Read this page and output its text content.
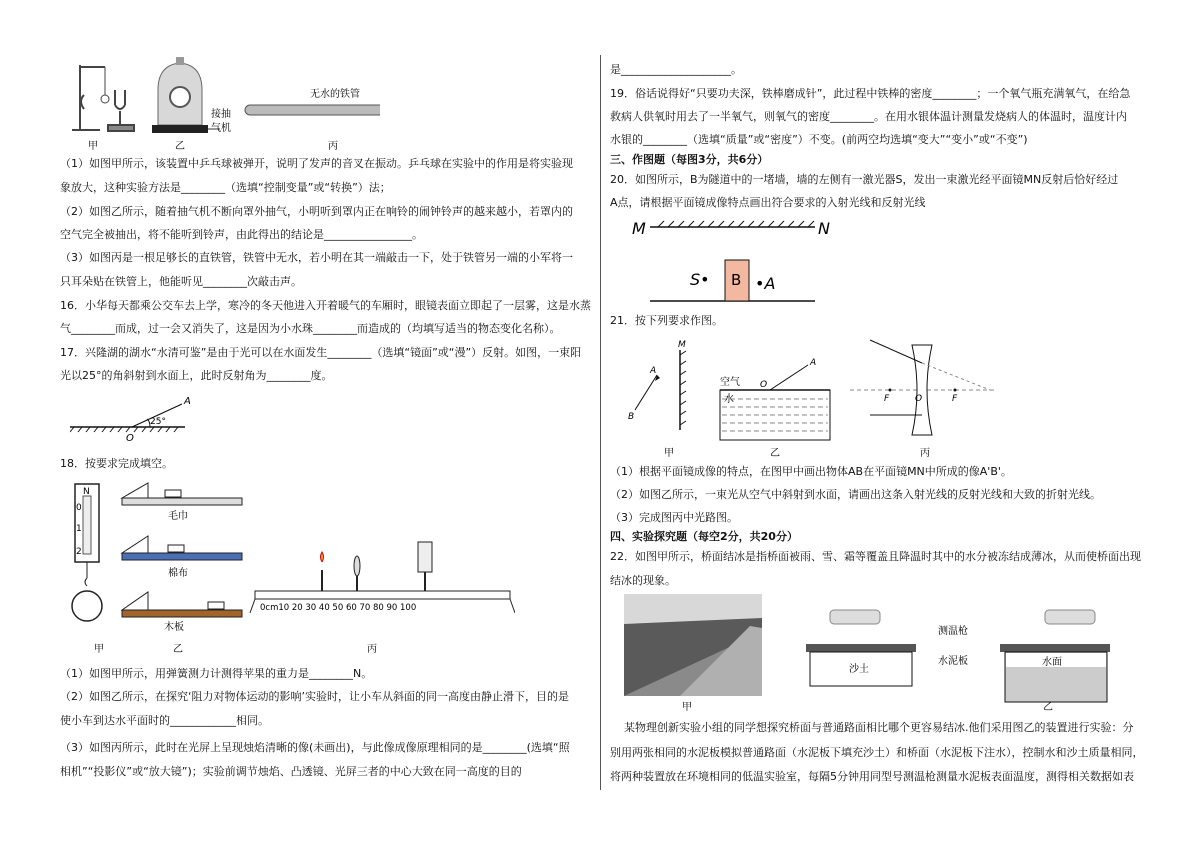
接抽
气机
无水的铁管
甲	乙	丙
（1）如图甲所示，该装置中乒乓球被弹开，说明了发声的音叉在振动。乒乓球在实验中的作用是将实验现
象放大，这种实验方法是________（选填“控制变量”或“转换”）法；
（2）如图乙所示，随着抽气机不断向罩外抽气，小明听到罩内正在响铃的闹钟铃声的越来越小，若罩内的
空气完全被抽出，将不能听到铃声，由此得出的结论是________________。
（3）如图丙是一根足够长的直铁管，铁管中无水，若小明在其一端敲击一下，处于铁管另一端的小军将一
只耳朵贴在铁管上，他能听见________次敲击声。
16．小华每天都乘公交车去上学，寒冷的冬天他进入开着暖气的车厢时，眼镜表面立即起了一层雾，这是水蒸
气________而成，过一会又消失了，这是因为小水珠________而造成的（均填写适当的物态变化名称）。
17．兴隆湖的湖水“水清可鉴”是由于光可以在水面发生________（选填“镜面”或“漫”）反射。如图，一束阳
光以25°的角斜射到水面上，此时反射角为________度。
A
O
25°
18．按要求完成填空。
N
0
1
2
毛巾
棉布
木板
0cm10 20 30 40 50 60 70 80 90 100
甲	乙	丙
（1）如图甲所示，用弹簧测力计测得苹果的重力是________N。
（2）如图乙所示，在探究‘阻力对物体运动的影响’实验时，让小车从斜面的同一高度由静止滑下，目的是
使小车到达水平面时的____________相同。
（3）如图丙所示，此时在光屏上呈现烛焰清晰的像(未画出)，与此像成像原理相同的是________(选填“照
相机”“投影仪”或“放大镜”)；实验前调节烛焰、凸透镜、光屏三者的中心大致在同一高度的目的
是____________________。
19．俗话说得好“只要功夫深，铁棒磨成针”，此过程中铁棒的密度________；一个氧气瓶充满氧气，在给急
救病人供氧时用去了一半氧气，则氧气的密度________。在用水银体温计测量发烧病人的体温时，温度计内
水银的________（选填“质量”或“密度”）不变。(前两空均选填“变大”“变小”或“不变”)
三、作图题（每图3分，共6分）
20．如图所示，B为隧道中的一堵墙，墙的左侧有一激光器S，发出一束激光经平面镜MN反射后恰好经过
A点，请根据平面镜成像特点画出符合要求的入射光线和反射光线
M	N
B
S•	•A
21．按下列要求作图。
M
A
B
空气
水
O
A
F	O	F
甲	乙	丙
（1）根据平面镜成像的特点，在图甲中画出物体AB在平面镜MN中所成的像A'B'。
（2）如图乙所示，一束光从空气中斜射到水面，请画出这条入射光线的反射光线和大致的折射光线。
（3）完成图丙中光路图。
四、实验探究题（每空2分，共20分）
22．如图甲所示，桥面结冰是指桥面被雨、雪、霜等覆盖且降温时其中的水分被冻结成薄冰，从而使桥面出现
结冰的现象。
甲
测温枪
沙土
水面
水泥板
乙
某物理创新实验小组的同学想探究桥面与普通路面相比哪个更容易结冰.他们采用图乙的装置进行实验：分
别用两张相同的水泥板模拟普通路面（水泥板下填充沙土）和桥面（水泥板下注水），控制水和沙土质量相同，
将两种装置放在环境相同的低温实验室，每隔5分钟用同型号测温枪测量水泥板表面温度，测得相关数据如表
